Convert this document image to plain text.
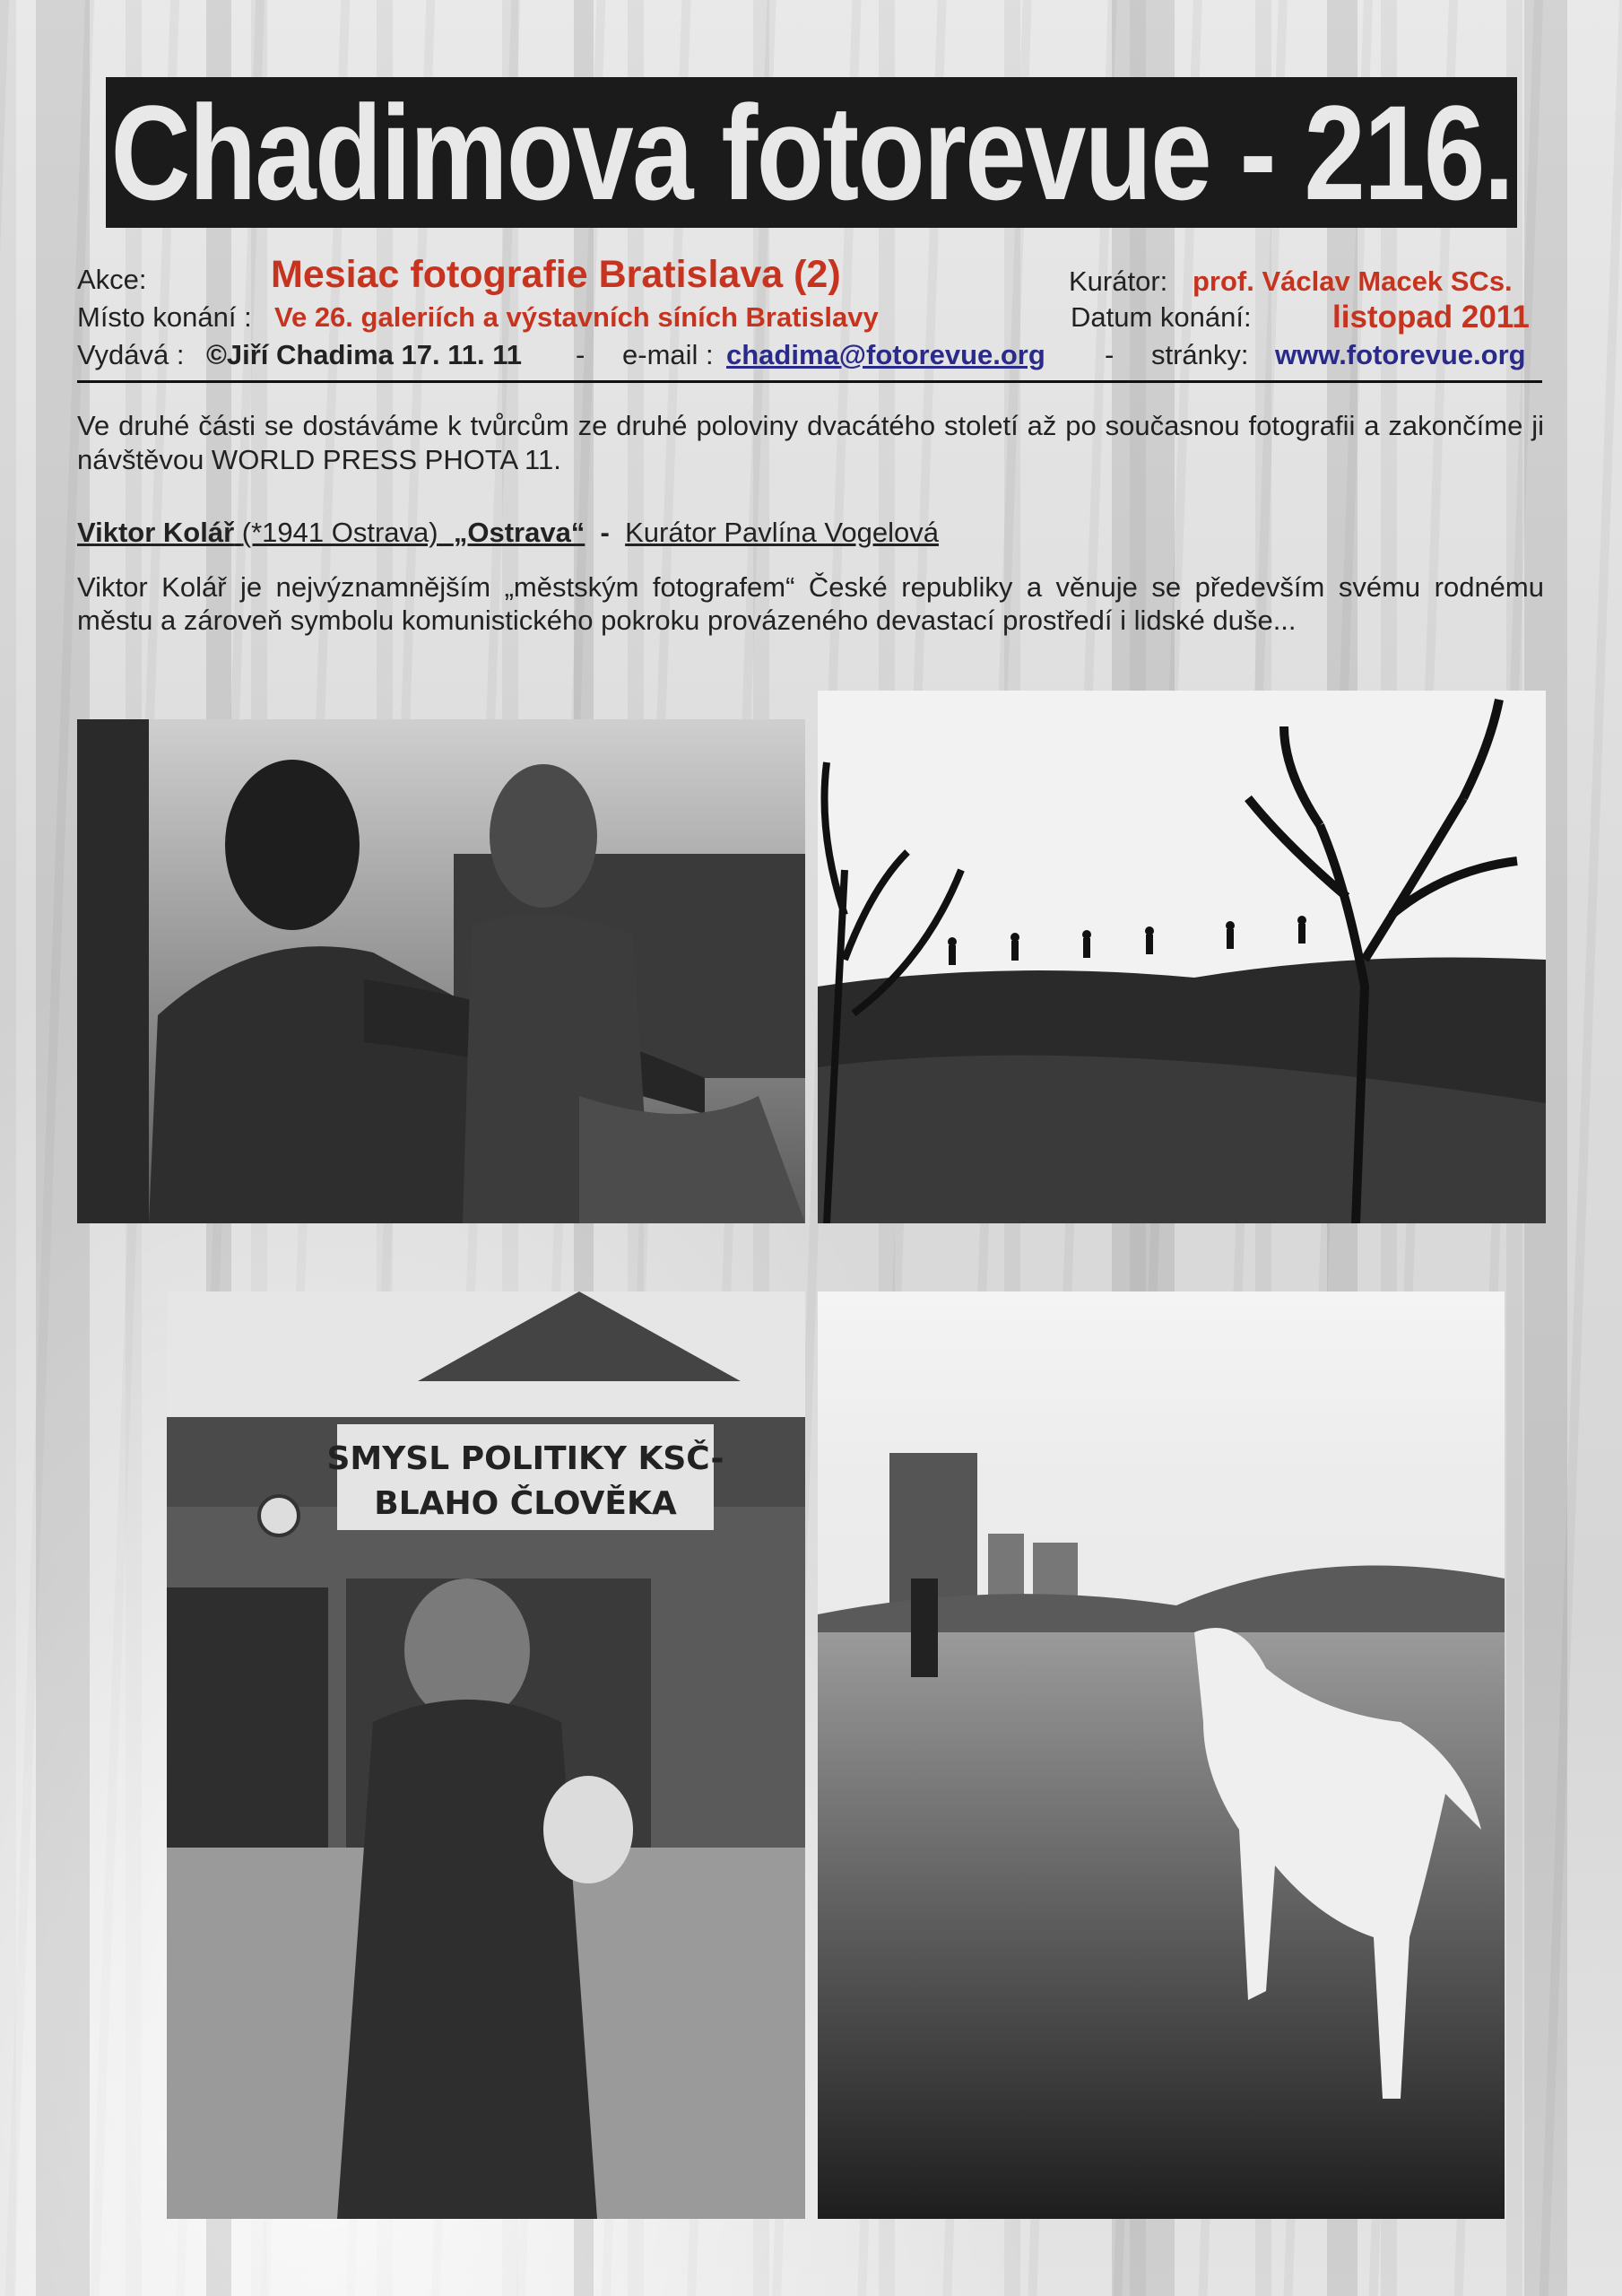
Chadimova fotorevue - 216.
Akce:	Mesiac fotografie Bratislava (2)	Kurátor: prof. Václav Macek SCs.
Místo konání : Ve 26. galeriích a výstavních síních Bratislavy	Datum konání:	listopad 2011
Vydává : ©Jiří Chadima 17. 11. 11 - e-mail : chadima@fotorevue.org - stránky: www.fotorevue.org
Ve druhé části se dostáváme k tvůrcům ze druhé poloviny dvacátého století až po současnou fotografii a zakončíme ji návštěvou WORLD PRESS PHOTA 11.
Viktor Kolář (*1941 Ostrava) „Ostrava“ - Kurátor Pavlína Vogelová
Viktor Kolář je nejvýznamnějším „městským fotografem“ České republiky a věnuje se především svému rodnému městu a zároveň symbolu komunistického pokroku provázeného devastací prostředí i lidské duše...
SMYSL POLITIKY KSČ-
BLAHO ČLOVĚKA
